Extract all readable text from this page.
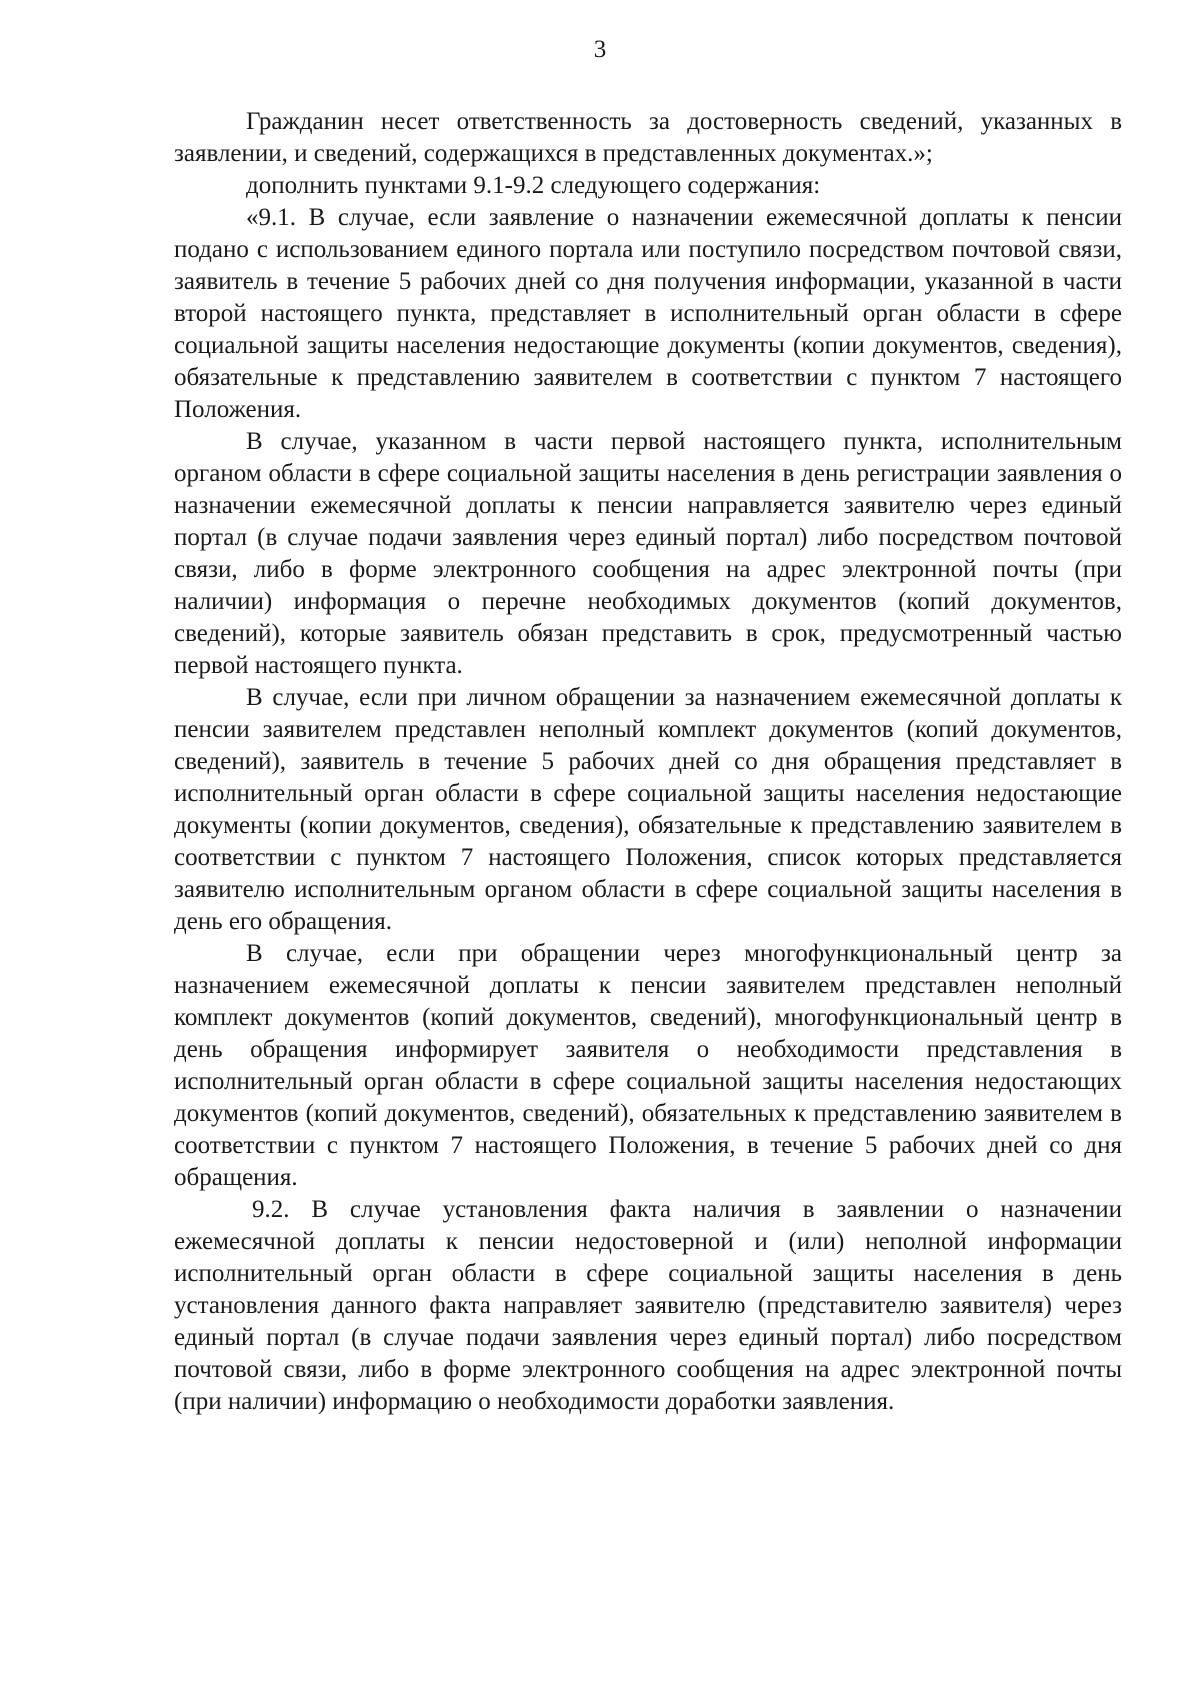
3

Гражданин несет ответственность за достоверность сведений, указанных в заявлении, и сведений, содержащихся в представленных документах.»;

дополнить пунктами 9.1-9.2 следующего содержания:

«9.1. В случае, если заявление о назначении ежемесячной доплаты к пенсии подано с использованием единого портала или поступило посредством почтовой связи, заявитель в течение 5 рабочих дней со дня получения информации, указанной в части второй настоящего пункта, представляет в исполнительный орган области в сфере социальной защиты населения недостающие документы (копии документов, сведения), обязательные к представлению заявителем в соответствии с пунктом 7 настоящего Положения.

В случае, указанном в части первой настоящего пункта, исполнительным органом области в сфере социальной защиты населения в день регистрации заявления о назначении ежемесячной доплаты к пенсии направляется заявителю через единый портал (в случае подачи заявления через единый портал) либо посредством почтовой связи, либо в форме электронного сообщения на адрес электронной почты (при наличии) информация о перечне необходимых документов (копий документов, сведений), которые заявитель обязан представить в срок, предусмотренный частью первой настоящего пункта.

В случае, если при личном обращении за назначением ежемесячной доплаты к пенсии заявителем представлен неполный комплект документов (копий документов, сведений), заявитель в течение 5 рабочих дней со дня обращения представляет в исполнительный орган области в сфере социальной защиты населения недостающие документы (копии документов, сведения), обязательные к представлению заявителем в соответствии с пунктом 7 настоящего Положения, список которых представляется заявителю исполнительным органом области в сфере социальной защиты населения в день его обращения.

В случае, если при обращении через многофункциональный центр за назначением ежемесячной доплаты к пенсии заявителем представлен неполный комплект документов (копий документов, сведений), многофункциональный центр в день обращения информирует заявителя о необходимости представления в исполнительный орган области в сфере социальной защиты населения недостающих документов (копий документов, сведений), обязательных к представлению заявителем в соответствии с пунктом 7 настоящего Положения, в течение 5 рабочих дней со дня обращения.

9.2. В случае установления факта наличия в заявлении о назначении ежемесячной доплаты к пенсии недостоверной и (или) неполной информации исполнительный орган области в сфере социальной защиты населения в день установления данного факта направляет заявителю (представителю заявителя) через единый портал (в случае подачи заявления через единый портал) либо посредством почтовой связи, либо в форме электронного сообщения на адрес электронной почты (при наличии) информацию о необходимости доработки заявления.
